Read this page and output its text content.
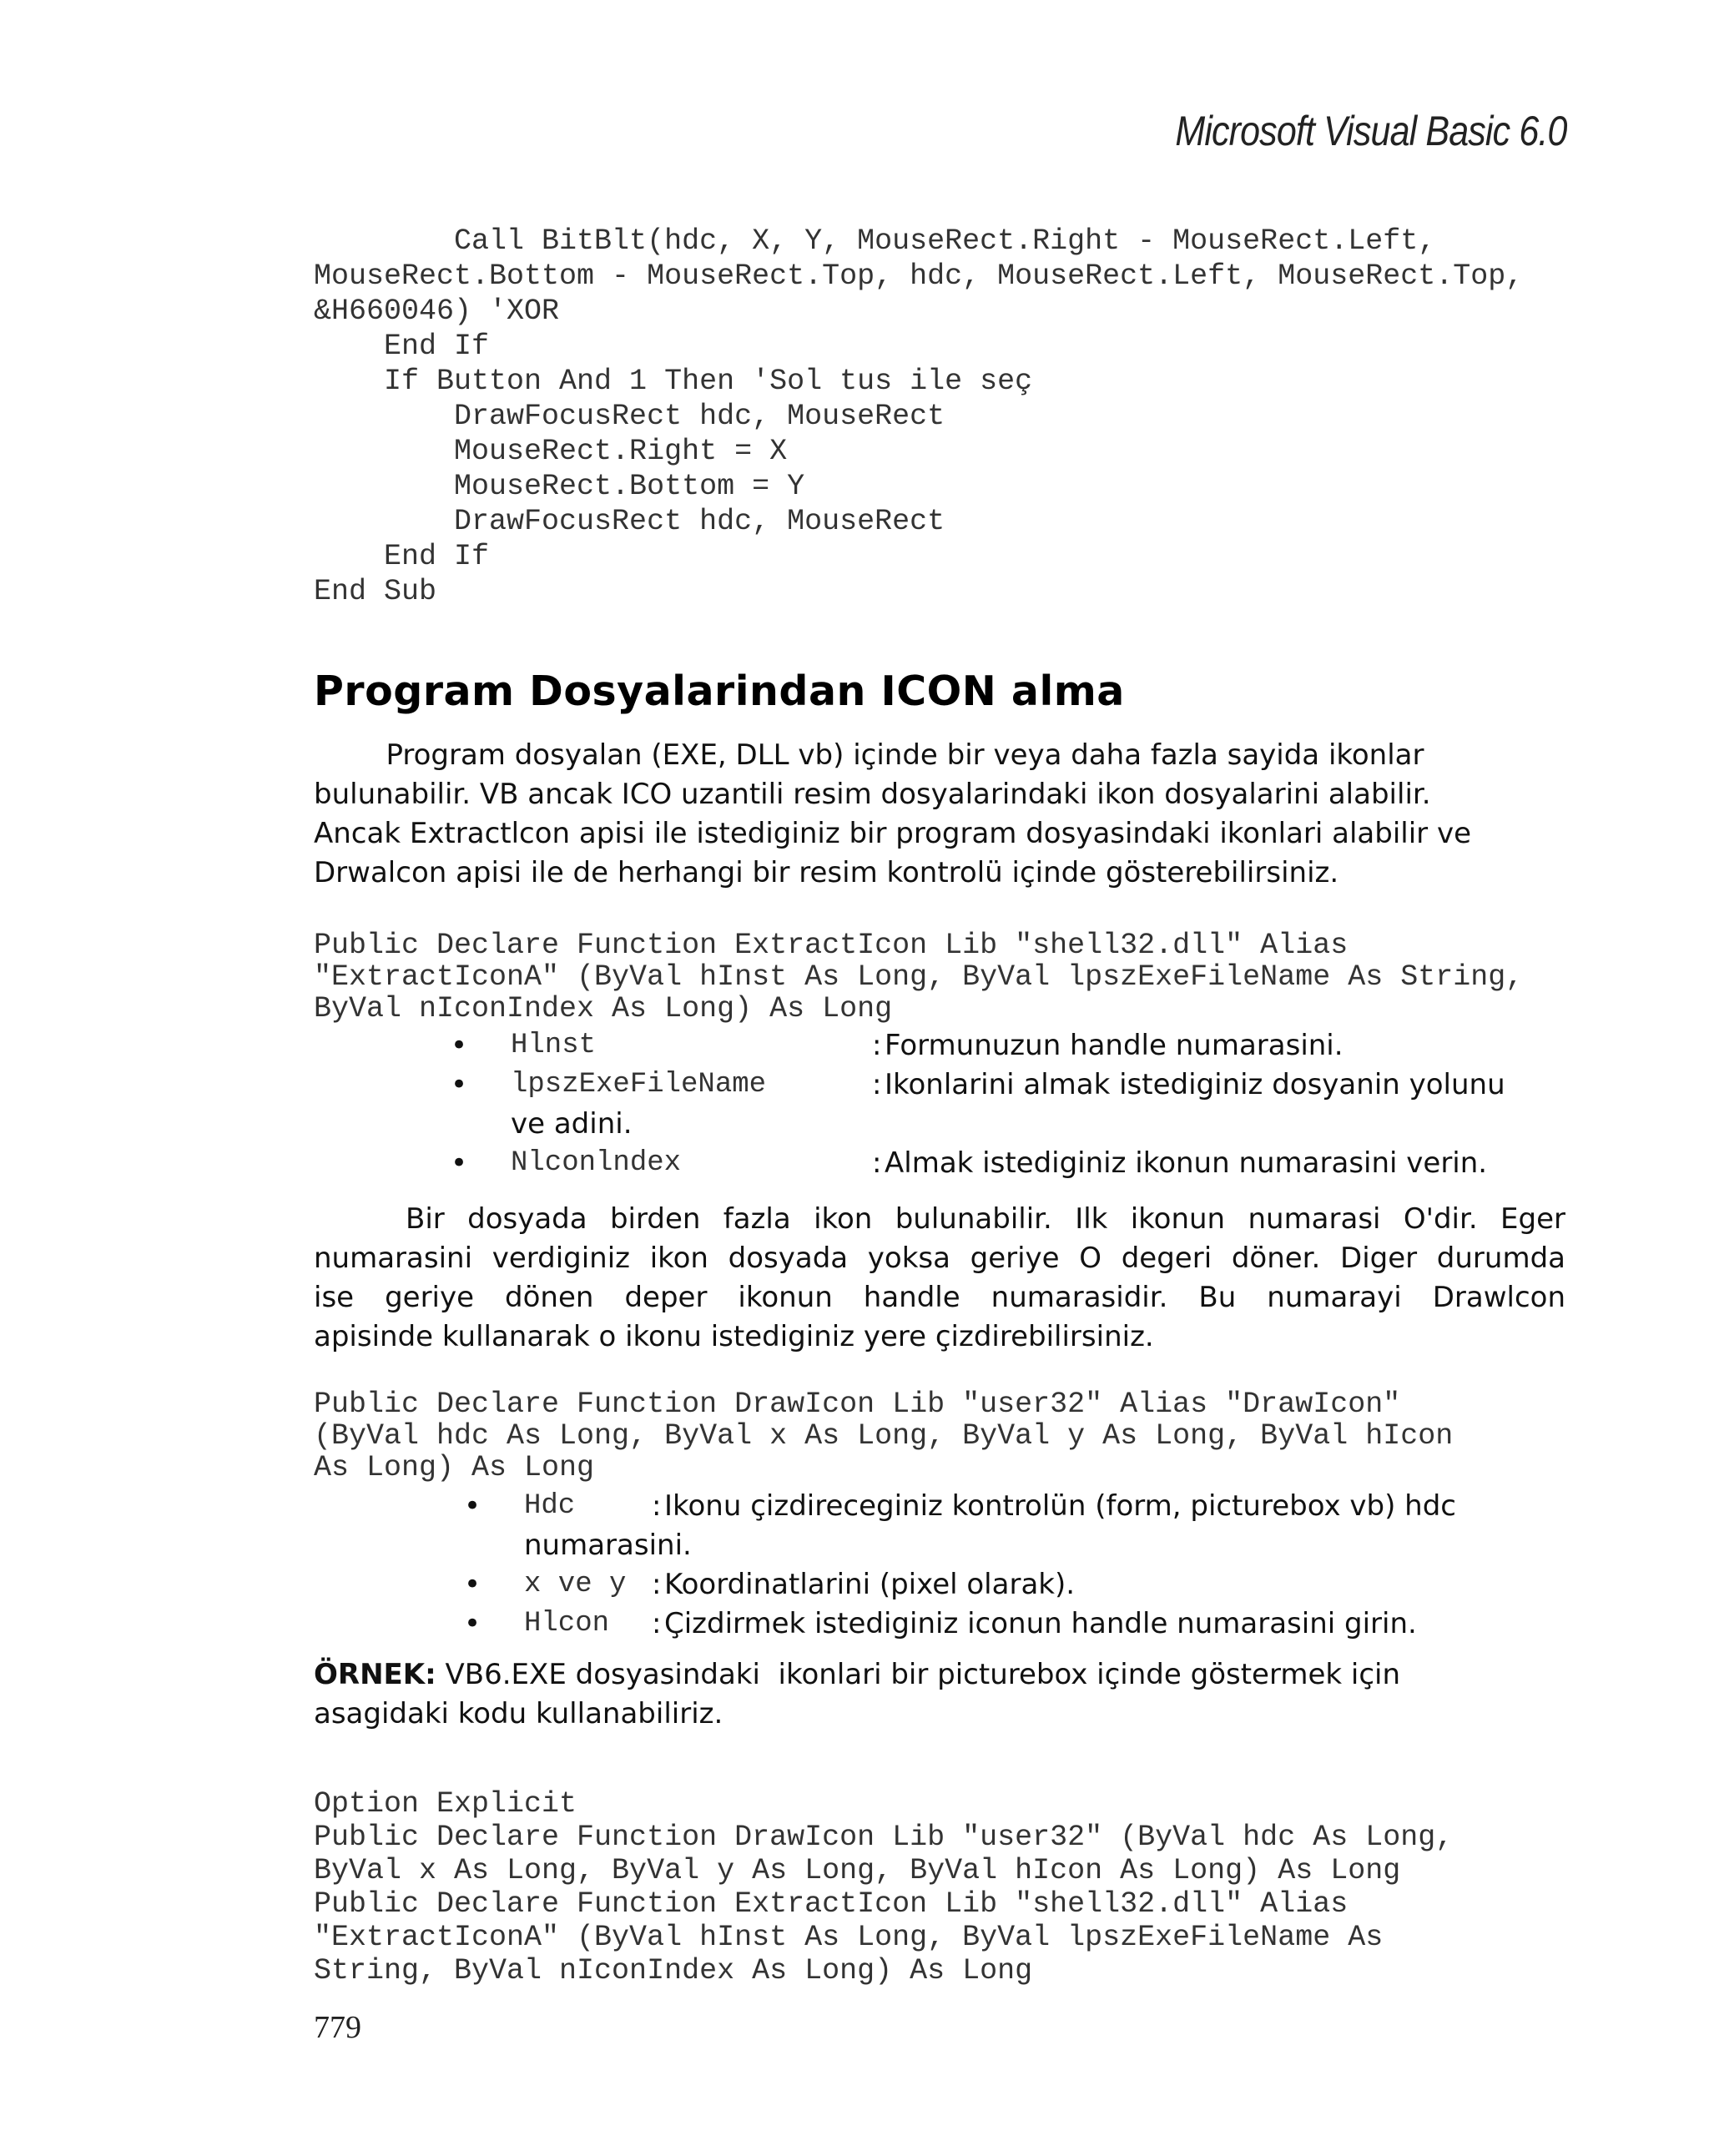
Microsoft Visual Basic 6.0
Call BitBlt(hdc, X, Y, MouseRect.Right - MouseRect.Left,
MouseRect.Bottom - MouseRect.Top, hdc, MouseRect.Left, MouseRect.Top,
&H660046) 'XOR
End If
If Button And 1 Then 'Sol tus ile seç
DrawFocusRect hdc, MouseRect
MouseRect.Right = X
MouseRect.Bottom = Y
DrawFocusRect hdc, MouseRect
End If
End Sub
Program Dosyalarindan ICON alma
Program dosyalan (EXE, DLL vb) içinde bir veya daha fazla sayida ikonlar
bulunabilir. VB ancak ICO uzantili resim dosyalarindaki ikon dosyalarini alabilir.
Ancak Extractlcon apisi ile istediginiz bir program dosyasindaki ikonlari alabilir ve
Drwalcon apisi ile de herhangi bir resim kontrolü içinde gösterebilirsiniz.
Public Declare Function ExtractIcon Lib "shell32.dll" Alias
"ExtractIconA" (ByVal hInst As Long, ByVal lpszExeFileName As String,
ByVal nIconIndex As Long) As Long
• Hlnst	: Formunuzun handle numarasini.
• lpszExeFileName	: Ikonlarini almak istediginiz dosyanin yolunu
ve adini.
• Nlconlndex	: Almak istediginiz ikonun numarasini verin.
Bir dosyada birden fazla ikon bulunabilir. Ilk ikonun numarasi O'dir. Eger
numarasini verdiginiz ikon dosyada yoksa geriye O degeri döner. Diger durumda
ise geriye dönen deper ikonun handle numarasidir. Bu numarayi Drawlcon
apisinde kullanarak o ikonu istediginiz yere çizdirebilirsiniz.
Public Declare Function DrawIcon Lib "user32" Alias "DrawIcon"
(ByVal hdc As Long, ByVal x As Long, ByVal y As Long, ByVal hIcon
As Long) As Long
• Hdc	: Ikonu çizdireceginiz kontrolün (form, picturebox vb) hdc
numarasini.
• x ve y : Koordinatlarini (pixel olarak).
• Hlcon : Çizdirmek istediginiz iconun handle numarasini girin.
ÖRNEK: VB6.EXE dosyasindaki  ikonlari bir picturebox içinde göstermek için
asagidaki kodu kullanabiliriz.
Option Explicit
Public Declare Function DrawIcon Lib "user32" (ByVal hdc As Long,
ByVal x As Long, ByVal y As Long, ByVal hIcon As Long) As Long
Public Declare Function ExtractIcon Lib "shell32.dll" Alias
"ExtractIconA" (ByVal hInst As Long, ByVal lpszExeFileName As
String, ByVal nIconIndex As Long) As Long
779
